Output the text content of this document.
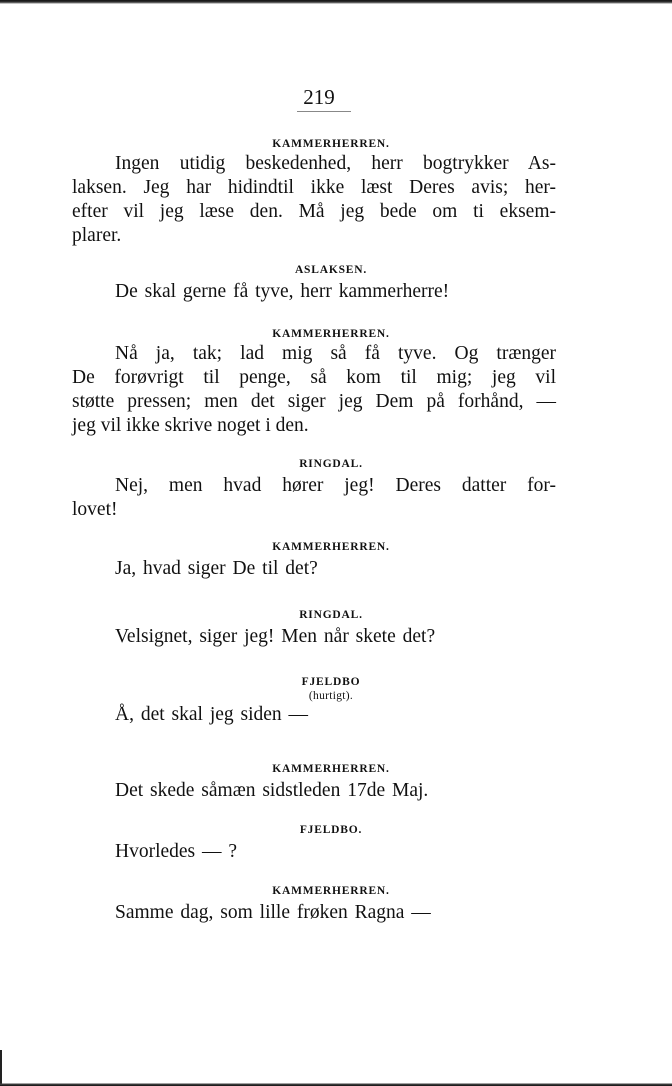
219
KAMMERHERREN.
Ingen utidig beskedenhed, herr bogtrykker As-
laksen. Jeg har hidindtil ikke læst Deres avis; her-
efter vil jeg læse den. Må jeg bede om ti eksem-
plarer.
ASLAKSEN.
De skal gerne få tyve, herr kammerherre!
KAMMERHERREN.
Nå ja, tak; lad mig så få tyve. Og trænger
De forøvrigt til penge, så kom til mig; jeg vil
støtte pressen; men det siger jeg Dem på forhånd, —
jeg vil ikke skrive noget i den.
RINGDAL.
Nej, men hvad hører jeg! Deres datter for-
lovet!
KAMMERHERREN.
Ja, hvad siger De til det?
RINGDAL.
Velsignet, siger jeg! Men når skete det?
FJELDBO
(hurtigt).
Å, det skal jeg siden —
KAMMERHERREN.
Det skede såmæn sidstleden 17de Maj.
FJELDBO.
Hvorledes — ?
KAMMERHERREN.
Samme dag, som lille frøken Ragna —
